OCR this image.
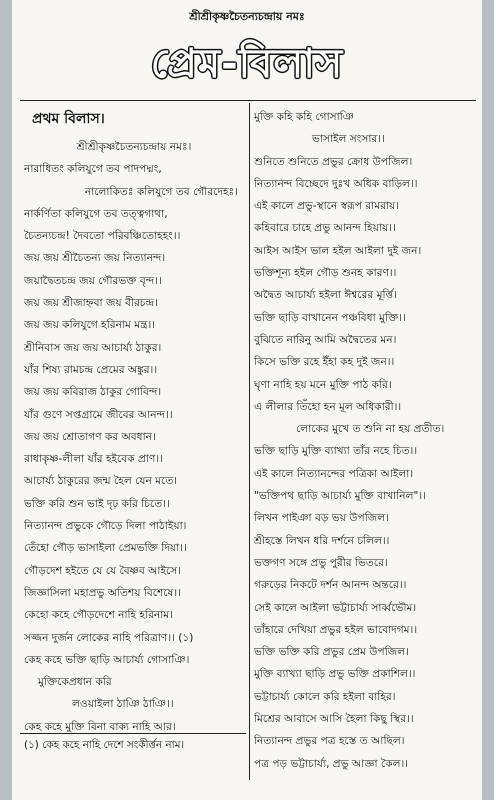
শ্রীশ্রীকৃষ্ণচৈতন্যচন্দ্রায় নমঃ
প্রেম-বিলাস
প্রথম বিলাস।
শ্রীশ্রীকৃষ্ণচৈতন্যচন্দ্রায় নমঃ।
নারাধিতং কলিযুগে তব পাদপদ্মং,
নালোকিতঃ কলিযুগে তব গৌরদেহঃ।
নার্কর্ণিতা কলিযুগে তব তত্ত্বগাথা,
চৈতন্যচন্দ্র! দৈবতো পরিবঞ্চিতোহহং।।
জয় জয় শ্রীচৈতন্য জয় নিত্যানন্দ।
জয়াদ্বৈতচন্দ্র জয় গৌরভক্ত বৃন্দ।।
জয় জয় শ্রীজাহ্নবা জয় বীরচন্দ্র।
জয় জয় কলিযুগে হরিনাম মন্ত্র।।
শ্রীনিবাস জয় জয় আচার্য্য ঠাকুর।
যাঁর শিষ্য রামচন্দ্র প্রেমের অঙ্কুর।।
জয় জয় কবিরাজ ঠাকুর গোবিন্দ।
যাঁর গুণে সপ্তগ্রামে জীবের আনন্দ।।
জয় জয় শ্রোতাগণ কর অবধান।
রাধাকৃষ্ণ-লীলা যাঁর হইবেক প্রাণ।।
আচার্য্য ঠাকুরের জন্ম হৈল যেন মতে।
ভক্তি করি শুন ভাই দৃঢ় করি চিতে।।
নিত্যানন্দ প্রভুকে গৌড়ে দিলা পাঠাইয়া।
তেঁহো গৌড় ভাসাইলা প্রেমভক্তি দিয়া।।
গৌড়দেশ হইতে যে যে বৈষ্ণব আইসে।
জিজ্ঞাসিলা মহাপ্রভু অতিশয় বিশেষে।।
কেহো কহে গৌড়দেশে নাহি হরিনাম।
সজ্জন দুর্জন লোকের নাহি পরিত্রাণ।। (১)
কেহ কহে ভক্তি ছাড়ি আচার্য্য গোসাঞি।
মুক্তিকেপ্রধান করি
লওয়াইলা ঠাঞি ঠাঞি।।
কেহ কহে মুক্তি বিনা বাক্য নাহি আর।
(১) কেহ কহে নাহি দেশে সংকীর্ত্তন নাম।
মুক্তি কহি কহি গোসাঞি
ভাসাইল সংসার।।
শুনিতে শুনিতে প্রভুর ক্রোধ উপজিল।
নিত্যানন্দ বিচ্ছেদে দুঃখ অধিক বাড়িল।।
এই কালে প্রভু-স্থানে স্বরূপ রামরায়।
কহিবারে চাহে প্রভু আনন্দ হিয়ায়।।
আইস আইস ভাল হইল আইলা দুই জন।
ভক্তিশূন্য হইল গৌড় শুনহ কারণ।।
অদ্বৈত আচার্য্য হইলা ঈশ্বরের মূর্ত্তি।
ভক্তি ছাড়ি বাখানেন পঞ্চবিধা মুক্তি।।
বুঝিতে নারিনু আমি অদ্বৈতের মন।
কিসে ভক্তি রহে ইঁহা কহ দুই জন।।
ঘৃণা নাহি হয় মনে মুক্তি পাঠ করি।
এ লীলার তিঁহো হন মূল অধিকারী।।
লোকের মুখে ত শুনি না হয় প্রতীত।
ভক্তি ছাড়ি মুক্তি ব্যাখ্যা তাঁর নহে চিত।।
এই কালে নিত্যানন্দের পত্রিকা আইলা।
"ভক্তিপথ ছাড়ি আচার্য্য মুক্তি বাখানিল"।।
লিখন পাইঞা বড় ভয় উপজিল।
শ্রীহস্তে লিখন ধরি দর্শনে চলিল।।
ভক্তগণ সঙ্গে প্রভু পুরীর ভিতরে।
গরুড়ের নিকটে দর্শন আনন্দ অন্তরে।।
সেই কালে আইলা ভট্টাচার্য্য সার্ব্বভৌম।
তাঁহারে দেখিয়া প্রভুর হইল ভাবোদগম।।
ভক্তি ভক্তি করি প্রভুর প্রেম উপজিল।
মুক্তি ব্যাখ্যা ছাড়ি প্রভু ভক্তি প্রকাশিল।।
ভট্টাচার্য্য কোলে করি হইলা বাহির।
মিশ্রের আবাসে আসি হৈলা কিছু স্থির।।
নিত্যানন্দ প্রভুর পত্র হস্তে ত আছিল।
পত্র পড় ভট্টাচার্য্য, প্রভু আজ্ঞা কৈল।।
